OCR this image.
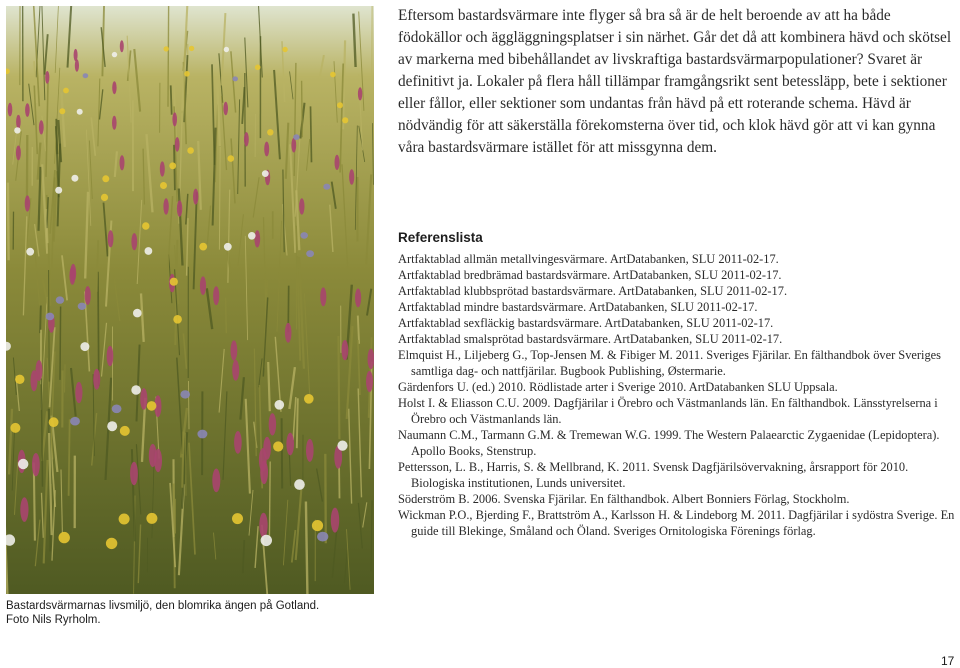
Bastardsvärmarnas livsmiljö, den blomrika ängen på Gotland.
Foto Nils Ryrholm.
Eftersom bastardsvärmare inte flyger så bra så är de helt beroende av att ha både födokällor och äggläggningsplatser i sin närhet. Går det då att kombinera hävd och skötsel av markerna med bibehållandet av livskraftiga bastardsvärmarpopulationer? Svaret är definitivt ja. Lokaler på flera håll tillämpar framgångsrikt sent betessläpp, bete i sektioner eller fållor, eller sektioner som undantas från hävd på ett roterande schema. Hävd är nödvändig för att säkerställa förekomsterna över tid, och klok hävd gör att vi kan gynna våra bastardsvärmare istället för att missgynna dem.
Referenslista
Artfaktablad allmän metallvingesvärmare. ArtDatabanken, SLU 2011-02-17.
Artfaktablad bredbrämad bastardsvärmare. ArtDatabanken, SLU 2011-02-17.
Artfaktablad klubbsprötad bastardsvärmare. ArtDatabanken, SLU 2011-02-17.
Artfaktablad mindre bastardsvärmare. ArtDatabanken, SLU 2011-02-17.
Artfaktablad sexfläckig bastardsvärmare. ArtDatabanken, SLU 2011-02-17.
Artfaktablad smalsprötad bastardsvärmare. ArtDatabanken, SLU 2011-02-17.
Elmquist H., Liljeberg G., Top-Jensen M. & Fibiger M. 2011. Sveriges Fjärilar. En fälthandbok över Sveriges samtliga dag- och nattfjärilar. Bugbook Publishing, Østermarie.
Gärdenfors U. (ed.) 2010. Rödlistade arter i Sverige 2010. ArtDatabanken SLU Uppsala.
Holst I. & Eliasson C.U. 2009. Dagfjärilar i Örebro och Västmanlands län. En fälthandbok. Länsstyrelserna i Örebro och Västmanlands län.
Naumann C.M., Tarmann G.M. & Tremewan W.G. 1999. The Western Palaearctic Zygaenidae (Lepidoptera). Apollo Books, Stenstrup.
Pettersson, L. B., Harris, S. & Mellbrand, K. 2011. Svensk Dagfjärilsövervakning, årsrapport för 2010. Biologiska institutionen, Lunds universitet.
Söderström B. 2006. Svenska Fjärilar. En fälthandbok. Albert Bonniers Förlag, Stockholm.
Wickman P.O., Bjerding F., Brattström A., Karlsson H. & Lindeborg M. 2011. Dagfjärilar i sydöstra Sverige. En guide till Blekinge, Småland och Öland. Sveriges Ornitologiska Förenings förlag.
17
